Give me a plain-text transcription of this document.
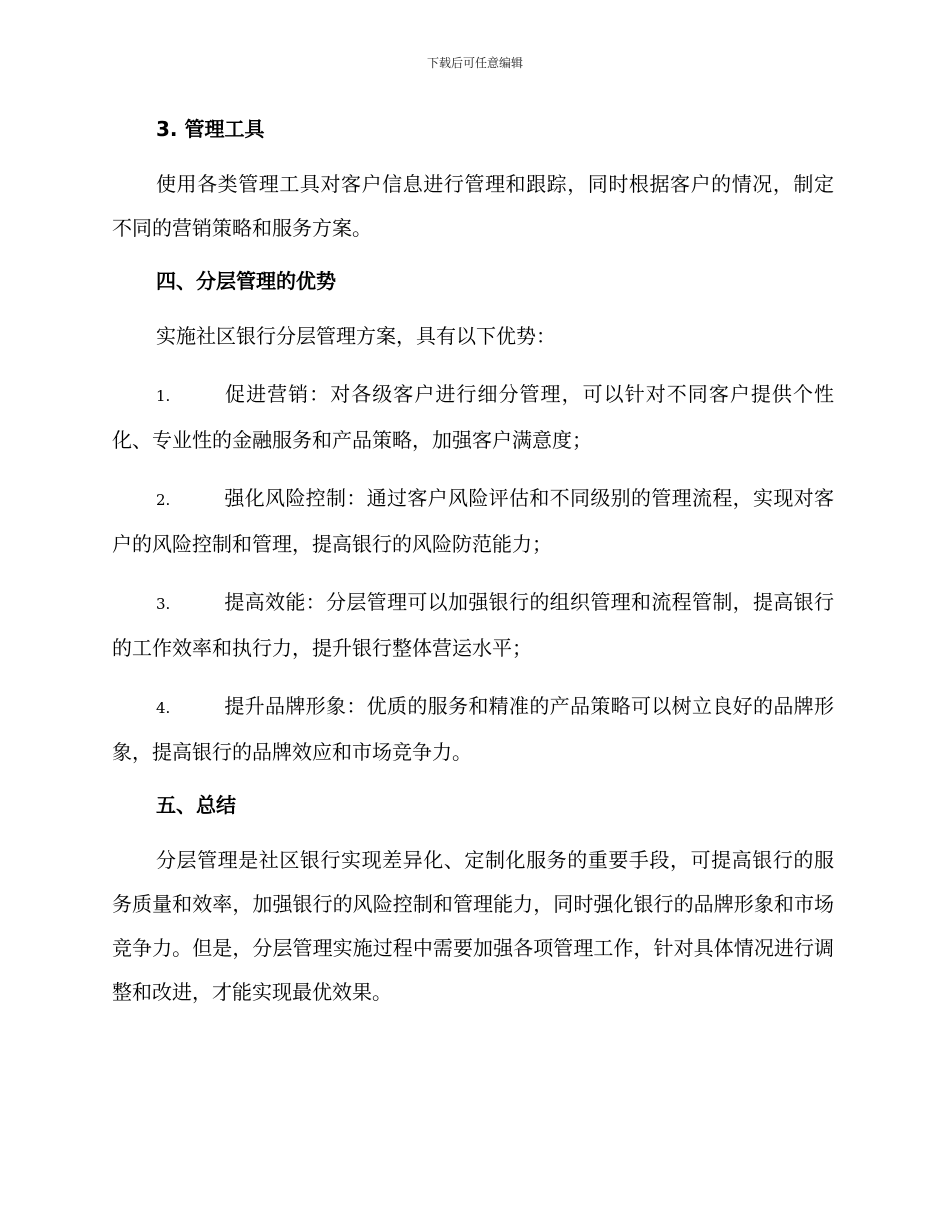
下载后可任意编辑
3. 管理工具

使用各类管理工具对客户信息进行管理和跟踪，同时根据客户的情况，制定不同的营销策略和服务方案。

四、分层管理的优势

实施社区银行分层管理方案，具有以下优势：

1.	促进营销：对各级客户进行细分管理，可以针对不同客户提供个性化、专业性的金融服务和产品策略，加强客户满意度；

2.	强化风险控制：通过客户风险评估和不同级别的管理流程，实现对客户的风险控制和管理，提高银行的风险防范能力；

3.	提高效能：分层管理可以加强银行的组织管理和流程管制，提高银行的工作效率和执行力，提升银行整体营运水平；

4.	提升品牌形象：优质的服务和精准的产品策略可以树立良好的品牌形象，提高银行的品牌效应和市场竞争力。

五、总结

分层管理是社区银行实现差异化、定制化服务的重要手段，可提高银行的服务质量和效率，加强银行的风险控制和管理能力，同时强化银行的品牌形象和市场竞争力。但是，分层管理实施过程中需要加强各项管理工作，针对具体情况进行调整和改进，才能实现最优效果。
